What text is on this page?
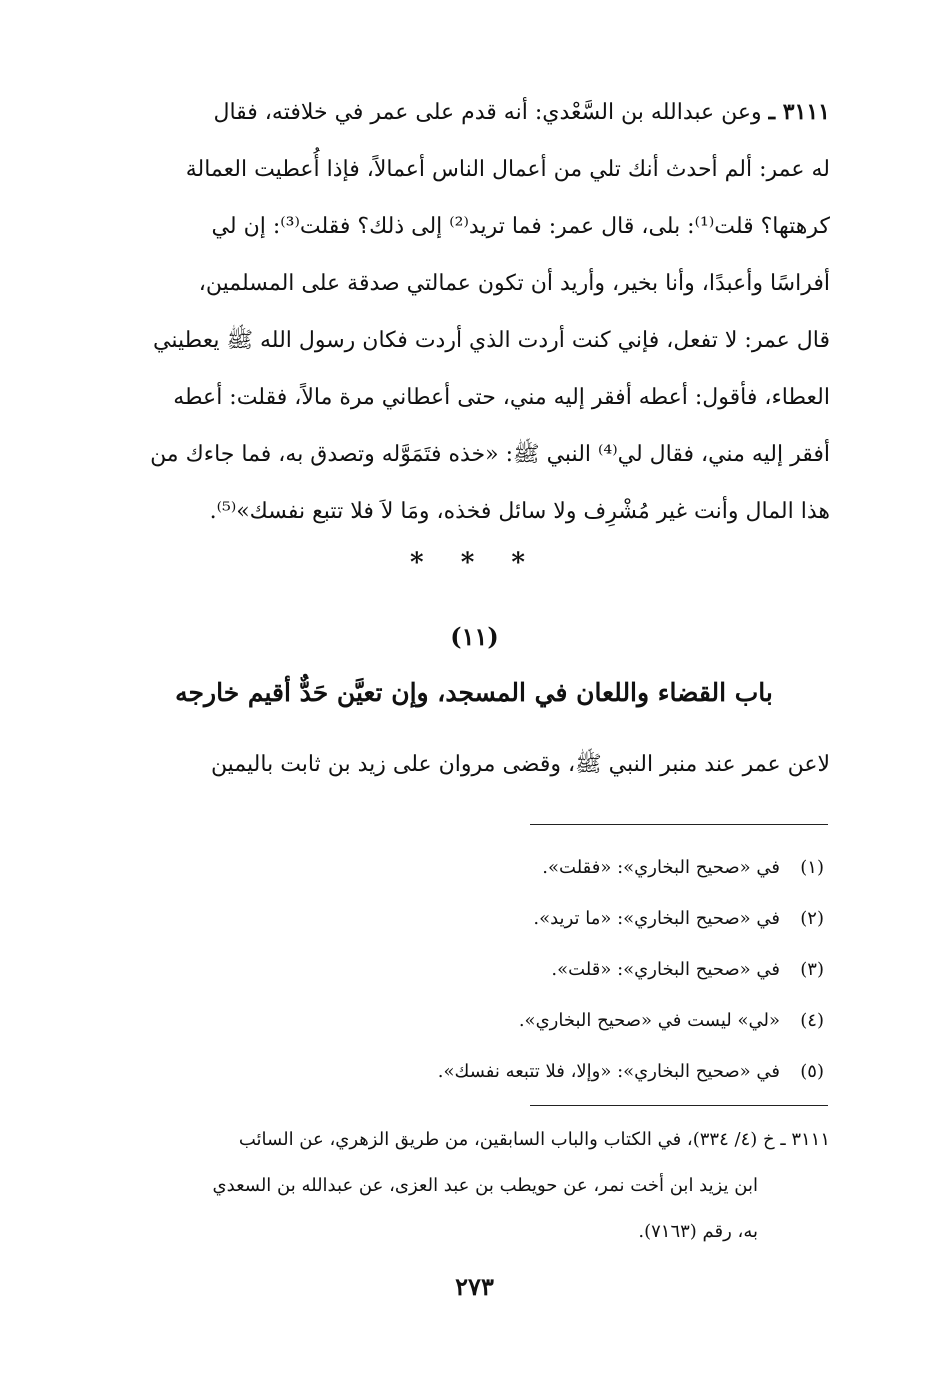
٣١١١ ـ وعن عبدالله بن السَّعْدي: أنه قدم على عمر في خلافته، فقال

له عمر: ألم أحدث أنك تلي من أعمال الناس أعمالاً، فإذا أُعطيت العمالة

كرهتها؟ قلت⁽¹⁾: بلى، قال عمر: فما تريد⁽²⁾ إلى ذلك؟ فقلت⁽³⁾: إن لي

أفراسًا وأعبدًا، وأنا بخير، وأريد أن تكون عمالتي صدقة على المسلمين،

قال عمر: لا تفعل، فإني كنت أردت الذي أردت فكان رسول الله ﷺ يعطيني

العطاء، فأقول: أعطه أفقر إليه مني، حتى أعطاني مرة مالاً، فقلت: أعطه

أفقر إليه مني، فقال لي⁽⁴⁾ النبي ﷺ: «خذه فتَمَوَّله وتصدق به، فما جاءك من

هذا المال وأنت غير مُشْرِف ولا سائل فخذه، ومَا لاَ فلا تتبع نفسك»⁽⁵⁾.

* * *
(١١)
باب القضاء واللعان في المسجد، وإن تعيَّن حَدٌّ أقيم خارجه
لاعن عمر عند منبر النبي ﷺ، وقضى مروان على زيد بن ثابت باليمين
(١)في «صحيح البخاري»: «فقلت».
(٢)في «صحيح البخاري»: «ما تريد».
(٣)في «صحيح البخاري»: «قلت».
(٤)«لي» ليست في «صحيح البخاري».
(٥)في «صحيح البخاري»: «وإلا، فلا تتبعه نفسك».

٣١١١ ـ خ (٤/ ٣٣٤)، في الكتاب والباب السابقين، من طريق الزهري، عن السائب

ابن يزيد ابن أخت نمر، عن حويطب بن عبد العزى، عن عبدالله بن السعدي

به، رقم (٧١٦٣).

٢٧٣
